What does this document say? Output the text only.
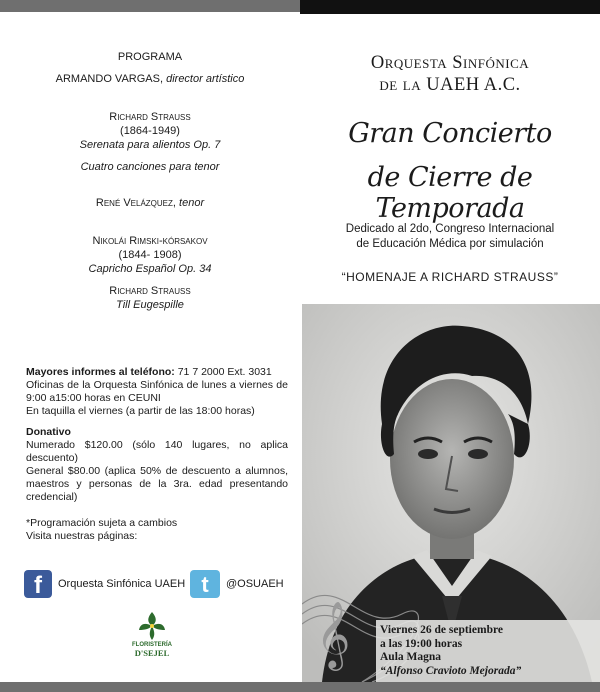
PROGRAMA
ARMANDO VARGAS, director artístico
Richard Strauss
(1864-1949)
Serenata para alientos Op. 7
Cuatro canciones para tenor
René Velázquez, tenor
Nikolái Rimski-kórsakov
(1844- 1908)
Capricho Español Op. 34
Richard Strauss
Till Eugespille
Mayores informes al teléfono: 71 7 2000 Ext. 3031
Oficinas de la Orquesta Sinfónica de lunes a viernes de 9:00 a15:00 horas en CEUNI
En taquilla el viernes (a partir de las 18:00 horas)
Donativo
Numerado $120.00 (sólo 140 lugares, no aplica descuento)
General $80.00 (aplica 50% de descuento a alumnos, maestros y personas de la 3ra. edad presentando credencial)
*Programación sujeta a cambios
Visita nuestras páginas:
f	Orquesta Sinfónica UAEH t	@OSUAEH
FLORISTERÍA
D'SEJEL
Orquesta Sinfónica
de la UAEH A.C.
Gran Concierto
de Cierre de Temporada
Dedicado al 2do, Congreso Internacional
de Educación Médica por simulación
“HOMENAJE A RICHARD STRAUSS”
𝄞	Viernes 26 de septiembre
a las 19:00 horas
Aula Magna
“Alfonso Cravioto Mejorada”
